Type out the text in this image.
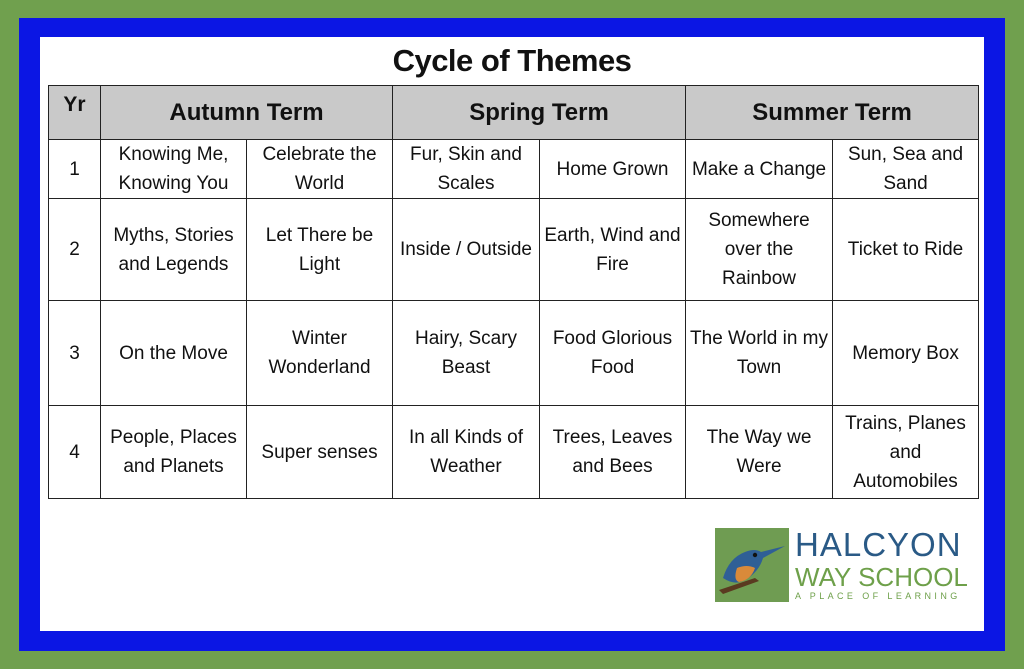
Cycle of Themes
Yr	Autumn Term		Spring Term		Summer Term	
1	Knowing Me, Knowing You	Celebrate the World	Fur, Skin and Scales	Home Grown	Make a Change	Sun, Sea and Sand
2	Myths, Stories and Legends	Let There be Light	Inside / Outside	Earth, Wind and Fire	Somewhere over the Rainbow	Ticket to Ride
3	On the Move	Winter Wonderland	Hairy, Scary Beast	Food Glorious Food	The World in my Town	Memory Box
4	People, Places and Planets	Super senses	In all Kinds of Weather	Trees, Leaves and Bees	The Way we Were	Trains, Planes and Automobiles
HALCYON
WAY SCHOOL
A PLACE OF LEARNING
